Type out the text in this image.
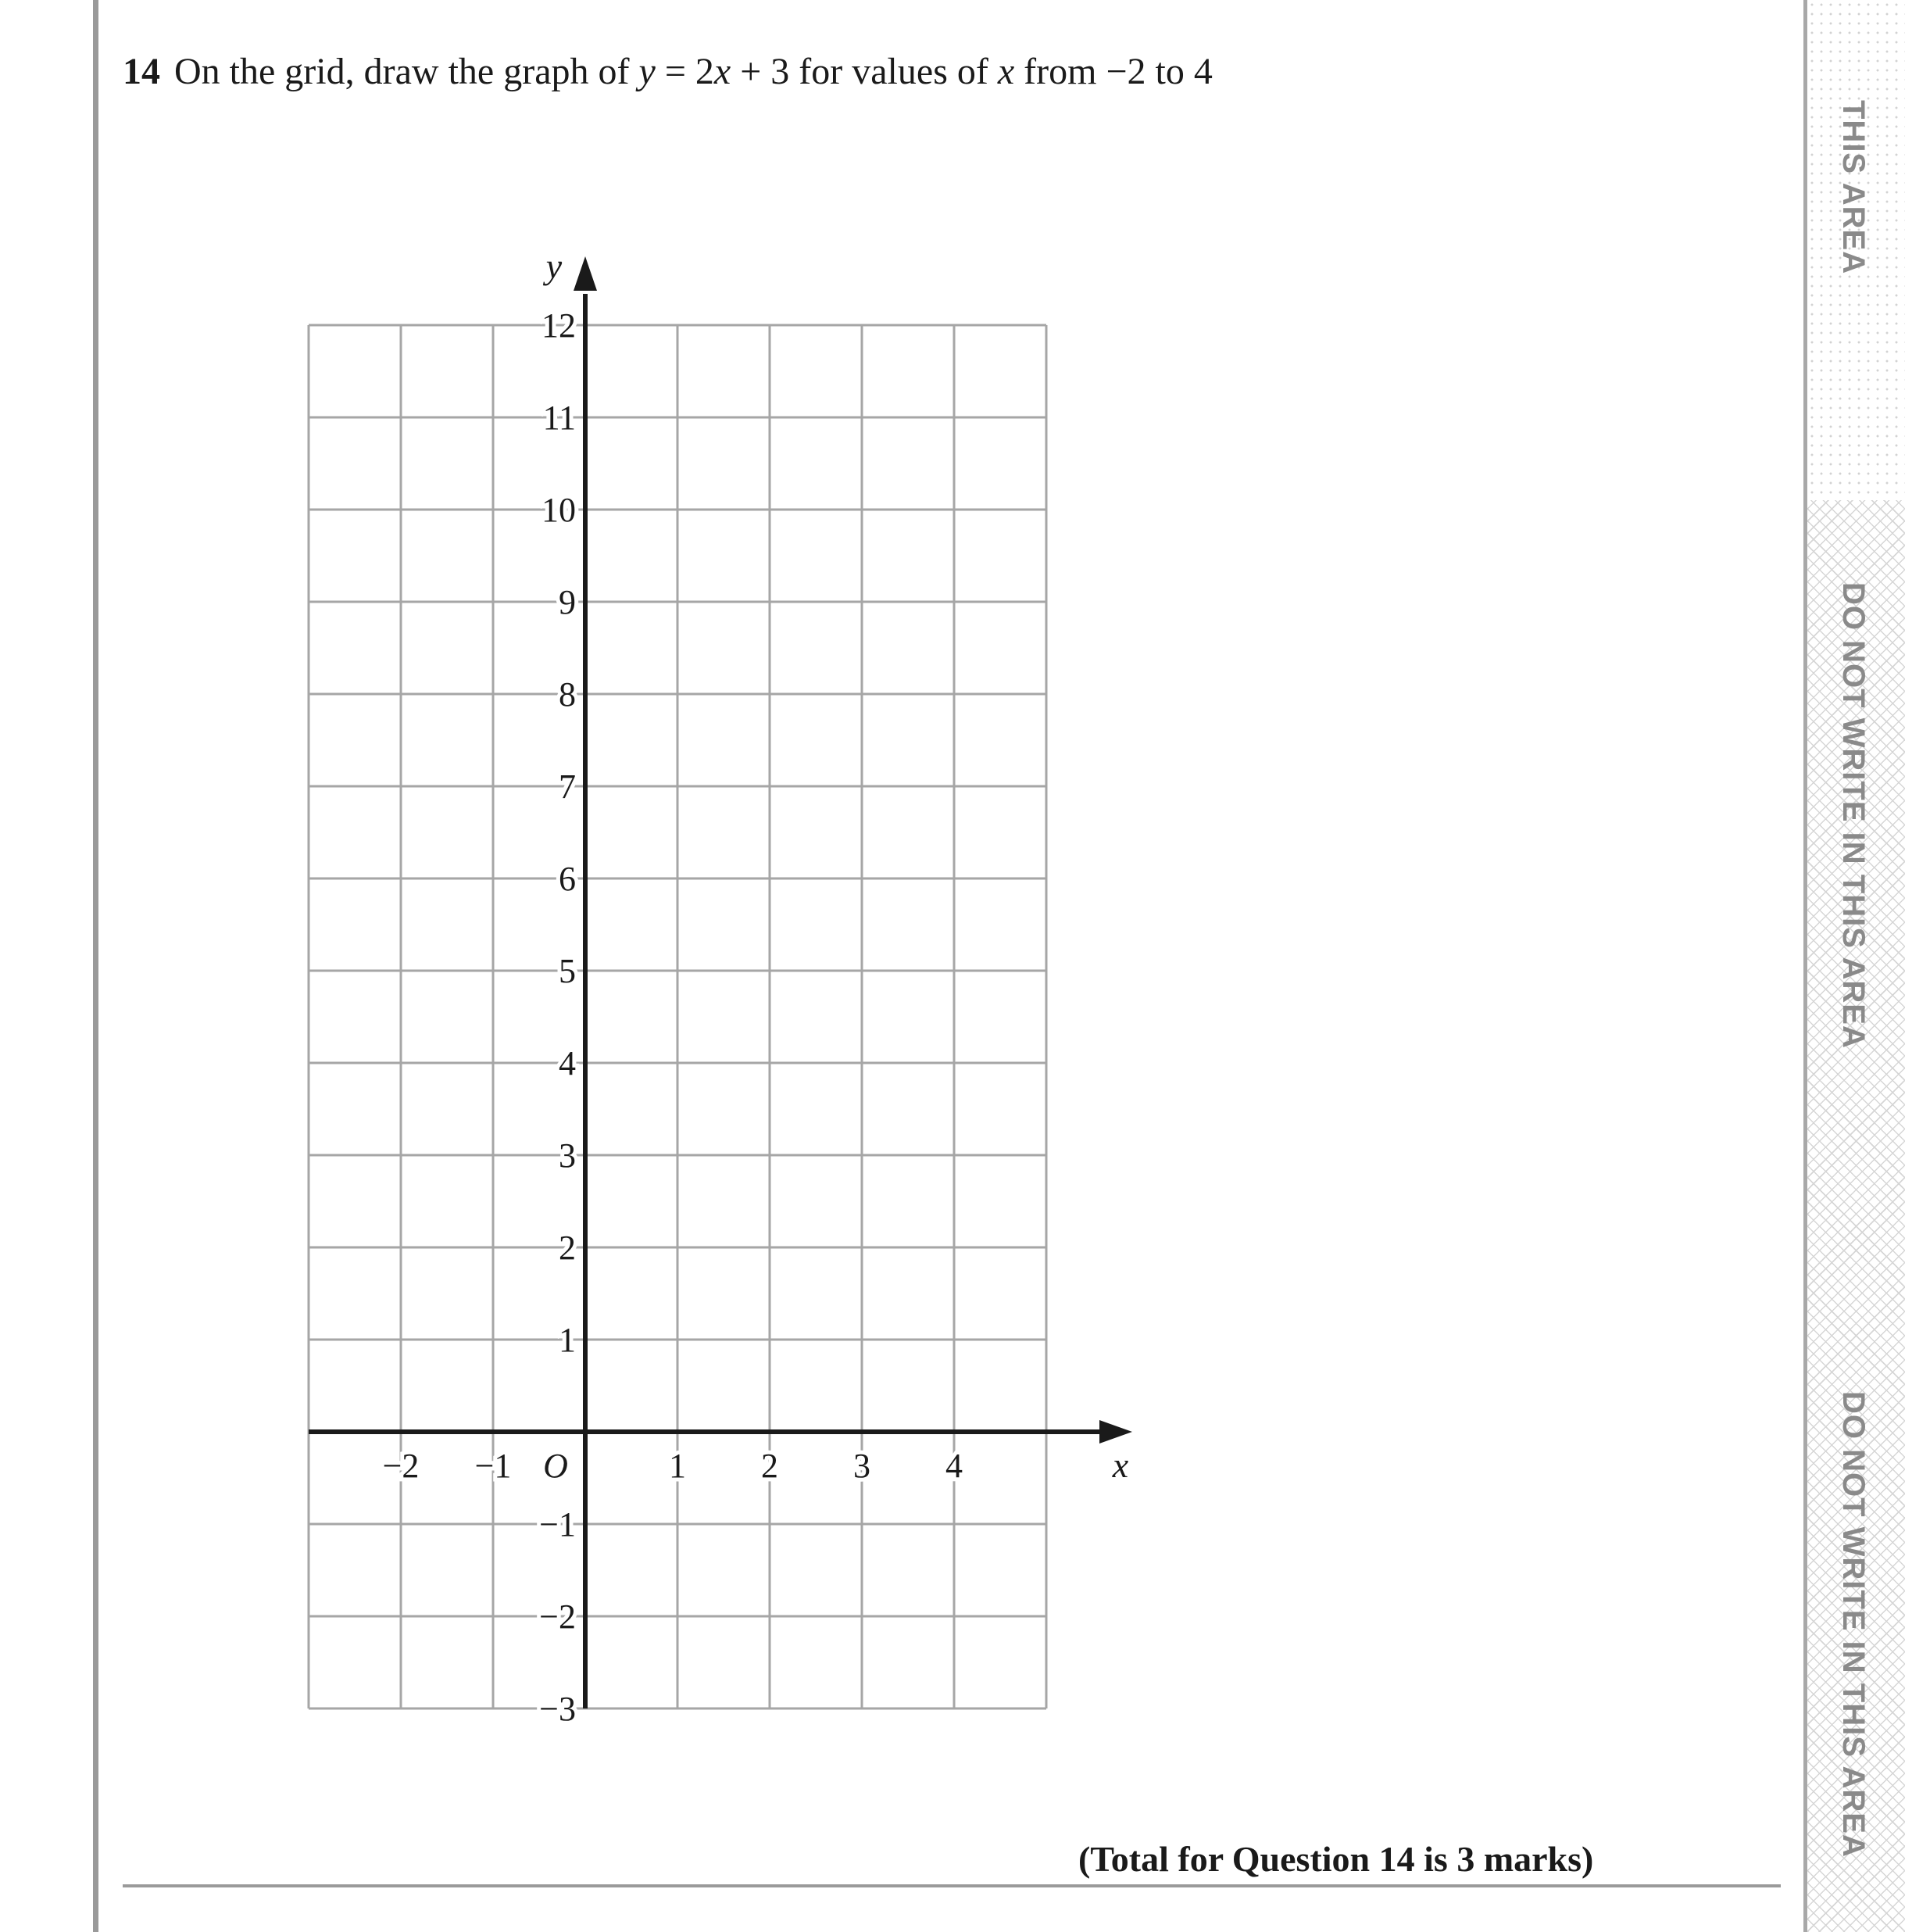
14 On the grid, draw the graph of y = 2x + 3 for values of x from −2 to 4
12
11
10
9
8
7
6
5
4
3
2
1
−1
−2
−3
−2 −1	1 2 3 4
O	x
y
(Total for Question 14 is 3 marks)
THIS AREA
DO NOT WRITE IN THIS AREA
DO NOT WRITE IN THIS AREA
